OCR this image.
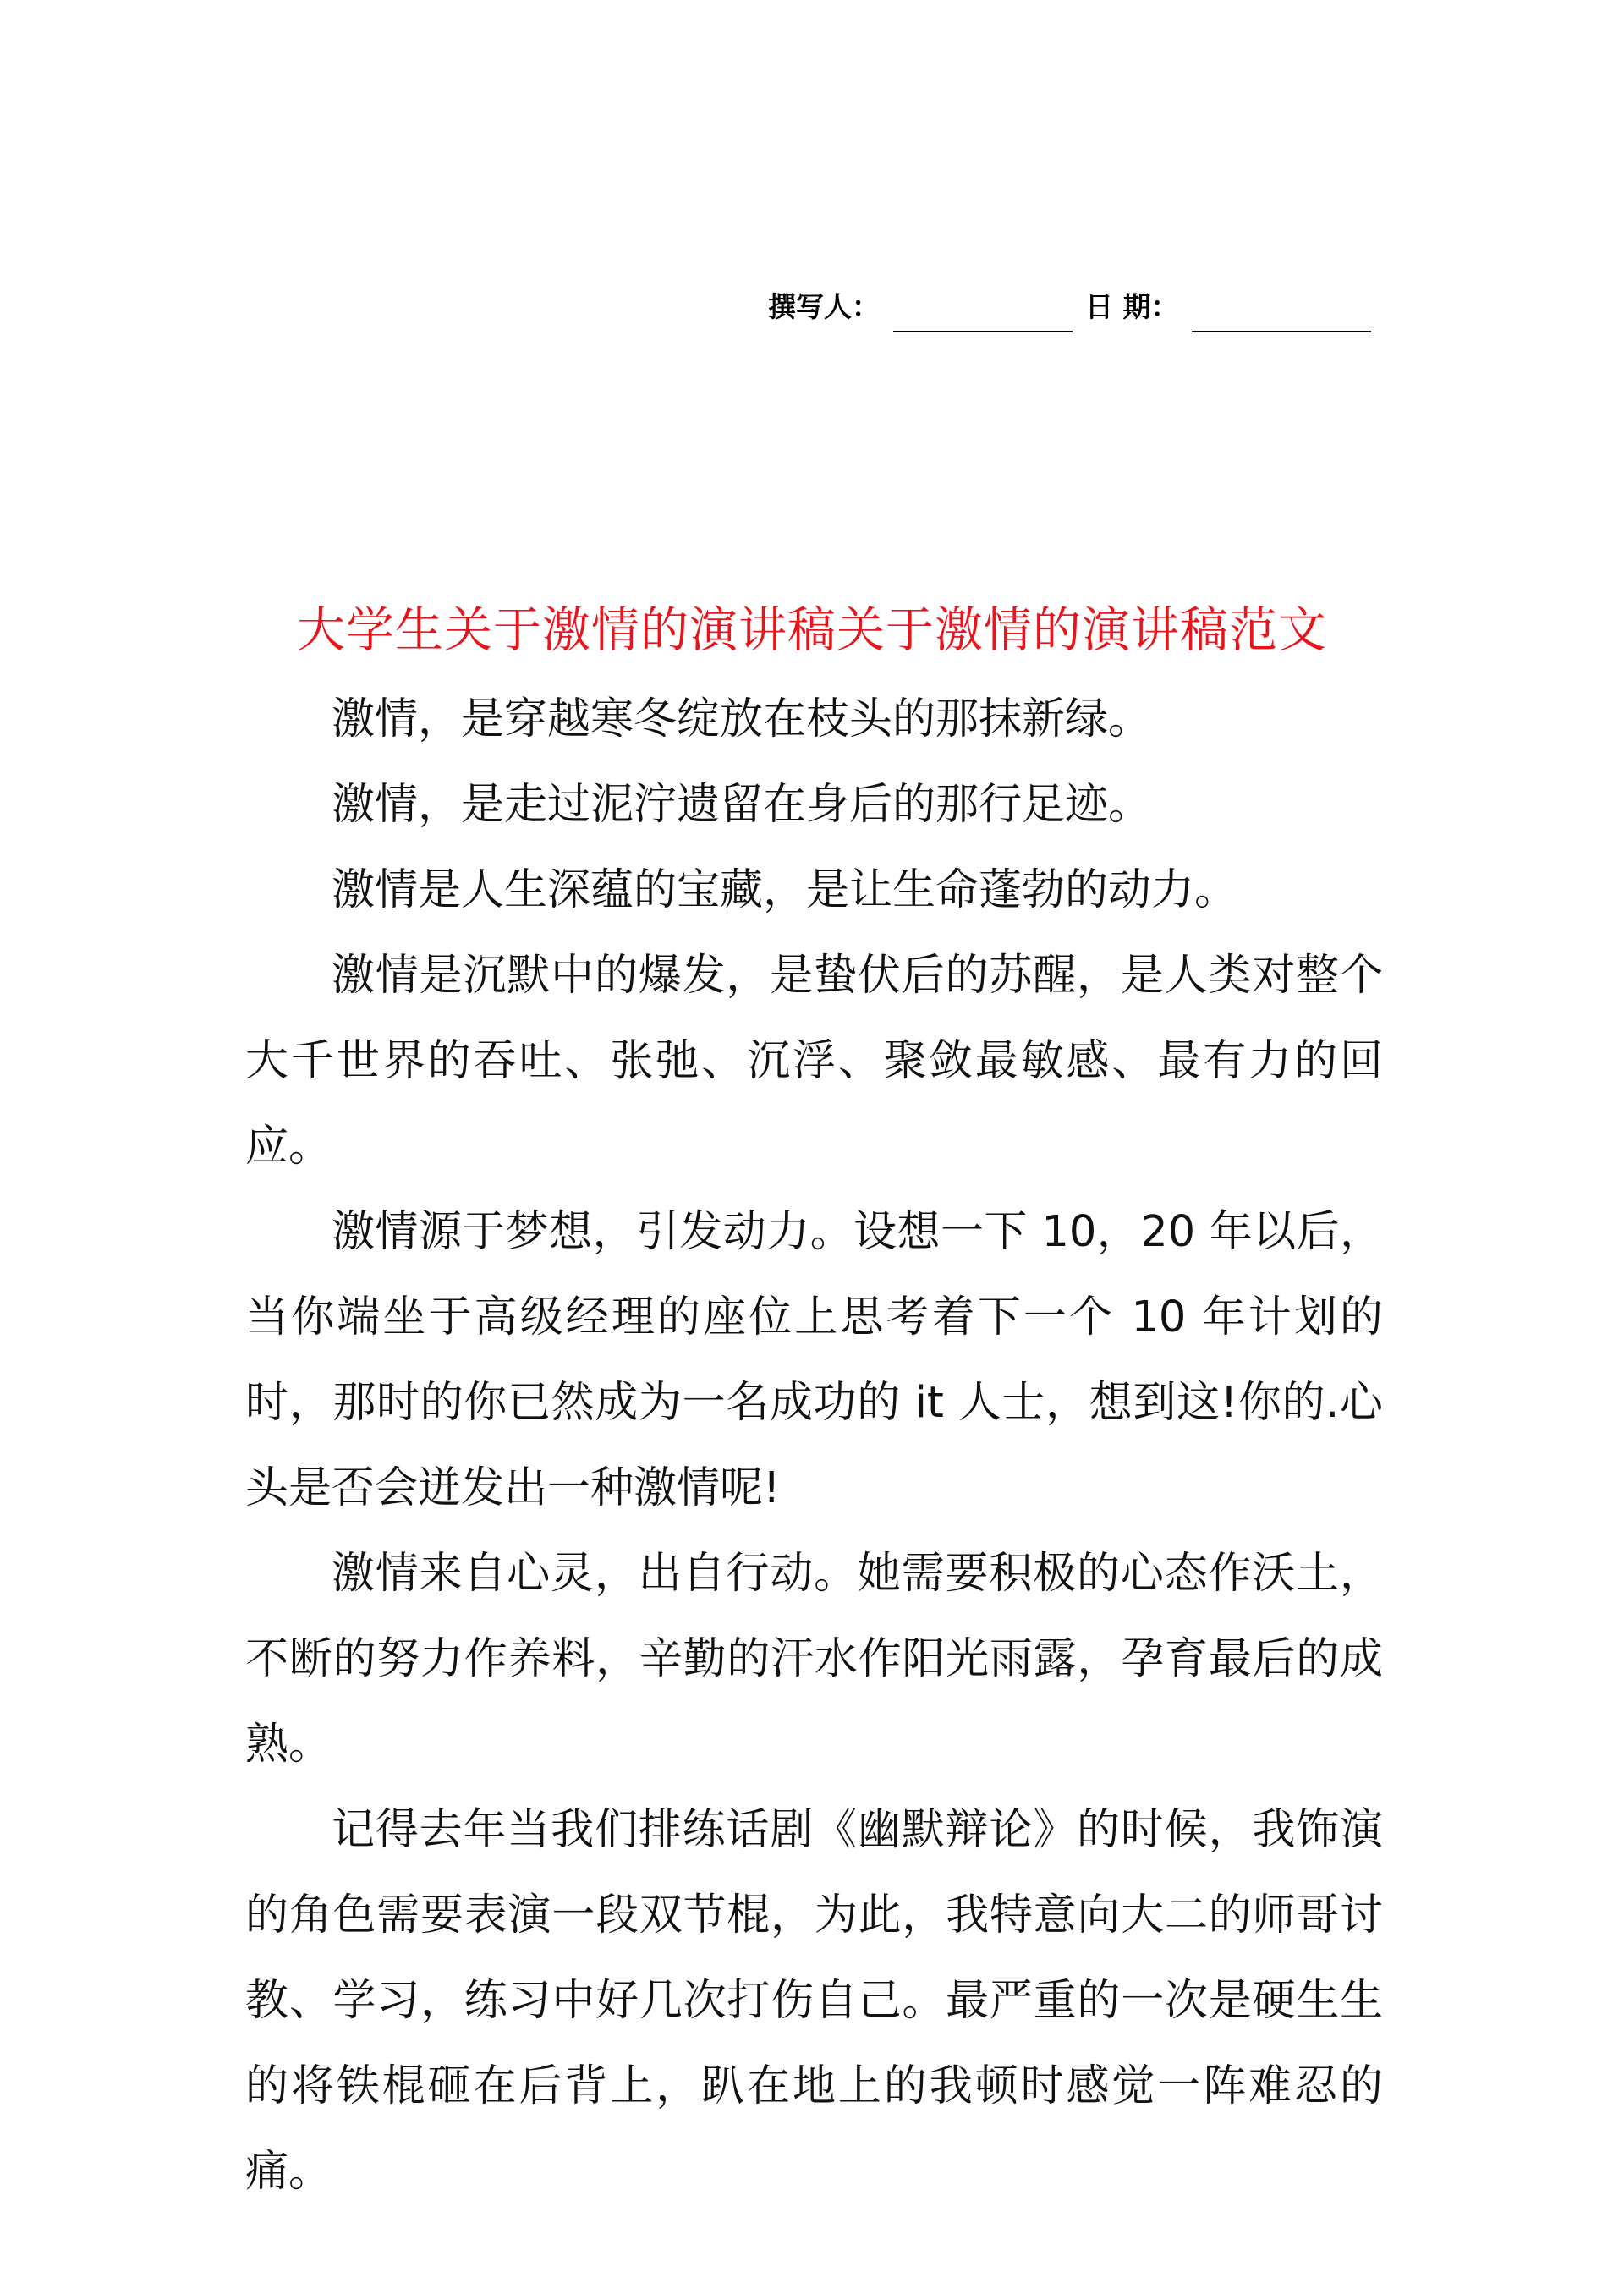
撰写人：	日 期：
大学生关于激情的演讲稿关于激情的演讲稿范文

激情，是穿越寒冬绽放在枝头的那抹新绿。

激情，是走过泥泞遗留在身后的那行足迹。

激情是人生深蕴的宝藏，是让生命蓬勃的动力。

激情是沉默中的爆发，是蛰伏后的苏醒，是人类对整个大千世界的吞吐、张弛、沉浮、聚敛最敏感、最有力的回应。

激情源于梦想，引发动力。设想一下 10，20 年以后，当你端坐于高级经理的座位上思考着下一个 10 年计划的时，那时的你已然成为一名成功的 it 人士，想到这!你的.心头是否会迸发出一种激情呢!

激情来自心灵，出自行动。她需要积极的心态作沃土，不断的努力作养料，辛勤的汗水作阳光雨露，孕育最后的成熟。

记得去年当我们排练话剧《幽默辩论》的时候，我饰演的角色需要表演一段双节棍，为此，我特意向大二的师哥讨教、学习，练习中好几次打伤自己。最严重的一次是硬生生的将铁棍砸在后背上，趴在地上的我顿时感觉一阵难忍的痛。
